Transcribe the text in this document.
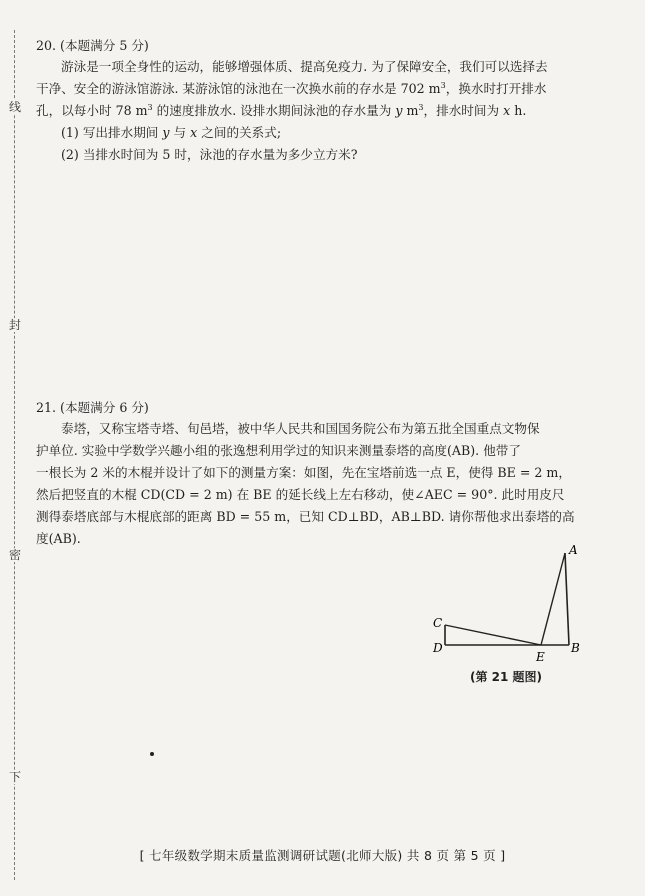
线
封
密
下
20. (本题满分 5 分)
游泳是一项全身性的运动，能够增强体质、提高免疫力. 为了保障安全，我们可以选择去
干净、安全的游泳馆游泳. 某游泳馆的泳池在一次换水前的存水是 702 $m^3$，换水时打开排水
孔，以每小时 78 $m^3$ 的速度排放水. 设排水期间泳池的存水量为 y $m^3$，排水时间为 x h.
(1) 写出排水期间 y 与 x 之间的关系式;
(2) 当排水时间为 5 时，泳池的存水量为多少立方米?
21. (本题满分 6 分)
泰塔，又称宝塔寺塔、旬邑塔，被中华人民共和国国务院公布为第五批全国重点文物保
护单位. 实验中学数学兴趣小组的张逸想利用学过的知识来测量泰塔的高度(AB). 他带了
一根长为 2 米的木棍并设计了如下的测量方案：如图，先在宝塔前选一点 E，使得 BE = 2 m，
然后把竖直的木棍 CD(CD = 2 m) 在 BE 的延长线上左右移动，使∠AEC = 90°. 此时用皮尺
测得泰塔底部与木棍底部的距离 BD = 55 m，已知 CD⊥BD，AB⊥BD. 请你帮他求出泰塔的高
度(AB).
A
B
C
D
E
(第 21 题图)
[ 七年级数学期末质量监测调研试题(北师大版) 共 8 页 第 5 页 ]
